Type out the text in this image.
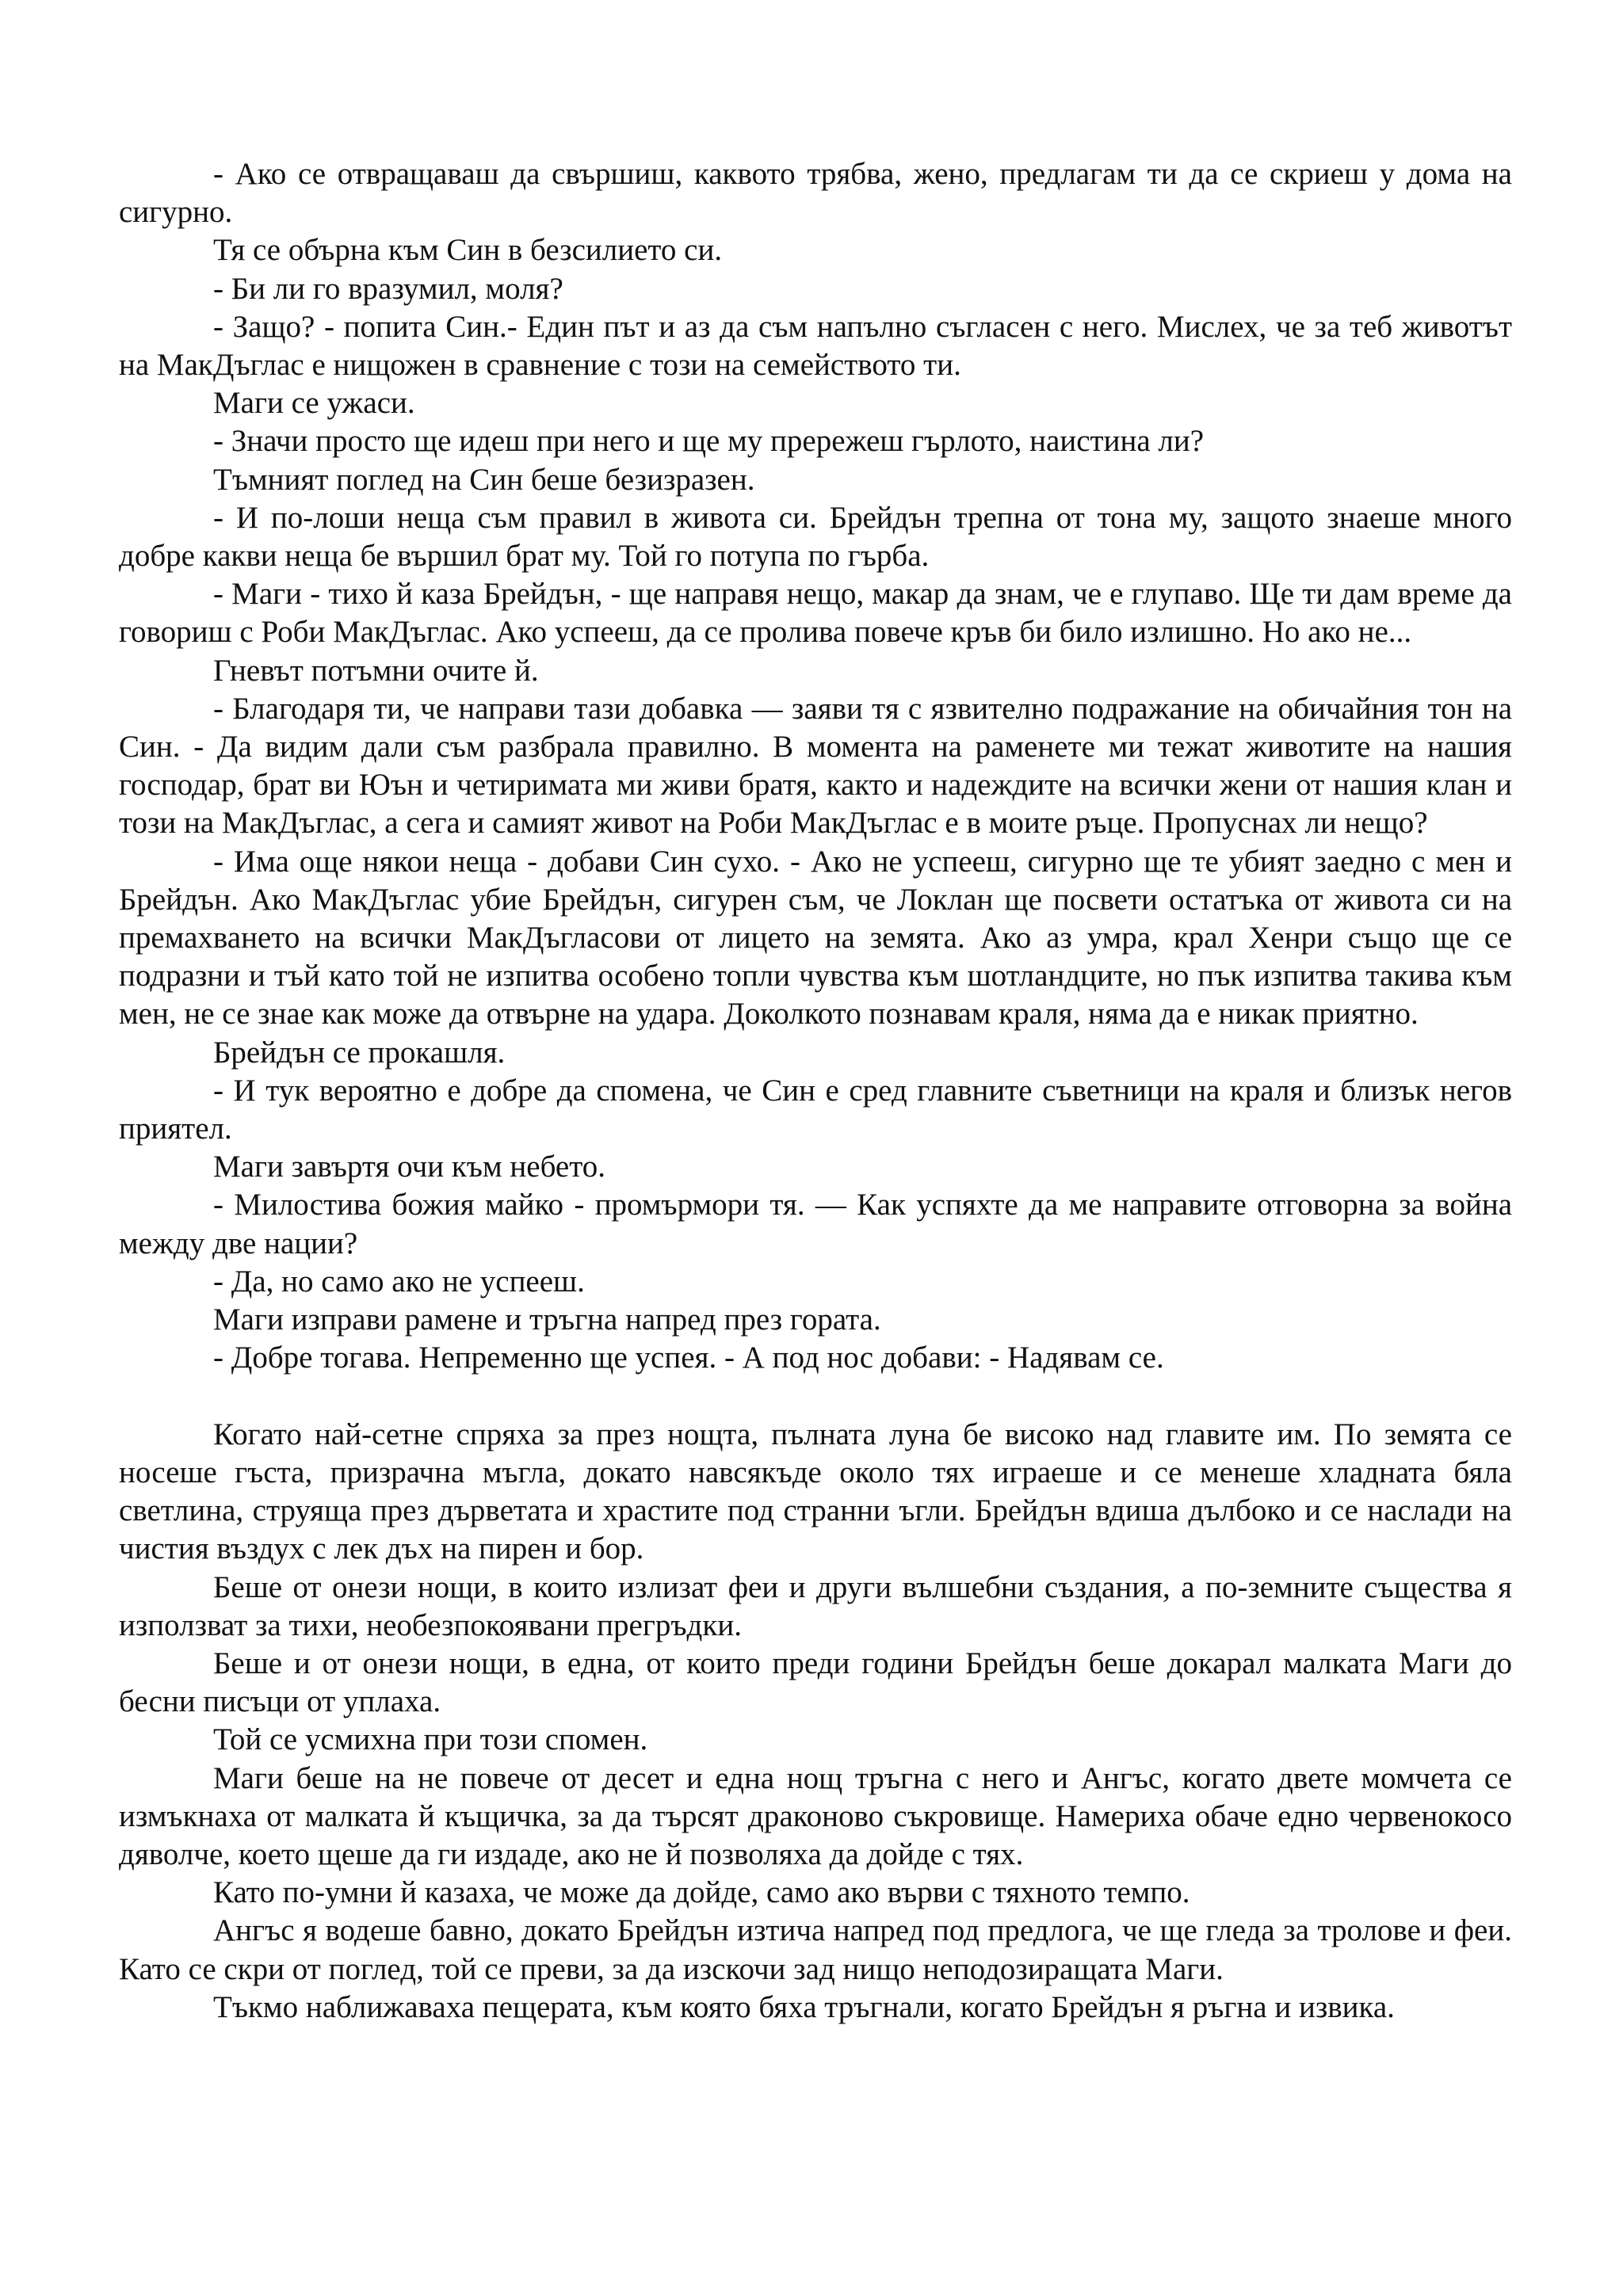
- Ако се отвращаваш да свършиш, каквото трябва, жено, предлагам ти да се скриеш у дома на сигурно.

Тя се обърна към Син в безсилието си.

- Би ли го вразумил, моля?

- Защо? - попита Син.- Един път и аз да съм напълно съгласен с него. Мислех, че за теб животът на МакДъглас е нищожен в сравнение с този на семейството ти.

Маги се ужаси.

- Значи просто ще идеш при него и ще му прережеш гърлото, наистина ли?

Тъмният поглед на Син беше безизразен.

- И по-лоши неща съм правил в живота си. Брейдън трепна от тона му, защото знаеше много добре какви неща бе вършил брат му. Той го потупа по гърба.

- Маги - тихо й каза Брейдън, - ще направя нещо, макар да знам, че е глупаво. Ще ти дам време да говориш с Роби МакДъглас. Ако успееш, да се пролива повече кръв би било излишно. Но ако не...

Гневът потъмни очите й.

- Благодаря ти, че направи тази добавка — заяви тя с язвително подражание на обичайния тон на Син. - Да видим дали съм разбрала правилно. В момента на раменете ми тежат животите на нашия господар, брат ви Юън и четиримата ми живи братя, както и надеждите на всички жени от нашия клан и този на МакДъглас, а сега и самият живот на Роби МакДъглас е в моите ръце. Пропуснах ли нещо?

- Има още някои неща - добави Син сухо. - Ако не успееш, сигурно ще те убият заедно с мен и Брейдън. Ако МакДъглас убие Брейдън, сигурен съм, че Локлан ще посвети остатъка от живота си на премахването на всички МакДъгласови от лицето на земята. Ако аз умра, крал Хенри също ще се подразни и тъй като той не изпитва особено топли чувства към шотландците, но пък изпитва такива към мен, не се знае как може да отвърне на удара. Доколкото познавам краля, няма да е никак приятно.

Брейдън се прокашля.

- И тук вероятно е добре да спомена, че Син е сред главните съветници на краля и близък негов приятел.

Маги завъртя очи към небето.

- Милостива божия майко - промърмори тя. — Как успяхте да ме направите отговорна за война между две нации?

- Да, но само ако не успееш.

Маги изправи рамене и тръгна напред през гората.

- Добре тогава. Непременно ще успея. - А под нос добави: - Надявам се.

Когато най-сетне спряха за през нощта, пълната луна бе високо над главите им. По земята се носеше гъста, призрачна мъгла, докато навсякъде около тях играеше и се менеше хладната бяла светлина, струяща през дърветата и храстите под странни ъгли. Брейдън вдиша дълбоко и се наслади на чистия въздух с лек дъх на пирен и бор.

Беше от онези нощи, в които излизат феи и други вълшебни създания, а по-земните същества я използват за тихи, необезпокоявани прегръдки.

Беше и от онези нощи, в една, от които преди години Брейдън беше докарал малката Маги до бесни писъци от уплаха.

Той се усмихна при този спомен.

Маги беше на не повече от десет и една нощ тръгна с него и Ангъс, когато двете момчета се измъкнаха от малката й къщичка, за да търсят драконово съкровище. Намериха обаче едно червенокосо дяволче, което щеше да ги издаде, ако не й позволяха да дойде с тях.

Като по-умни й казаха, че може да дойде, само ако върви с тяхното темпо.

Ангъс я водеше бавно, докато Брейдън изтича напред под предлога, че ще гледа за тролове и феи. Като се скри от поглед, той се преви, за да изскочи зад нищо неподозиращата Маги.

Тъкмо наближаваха пещерата, към която бяха тръгнали, когато Брейдън я ръгна и извика.
